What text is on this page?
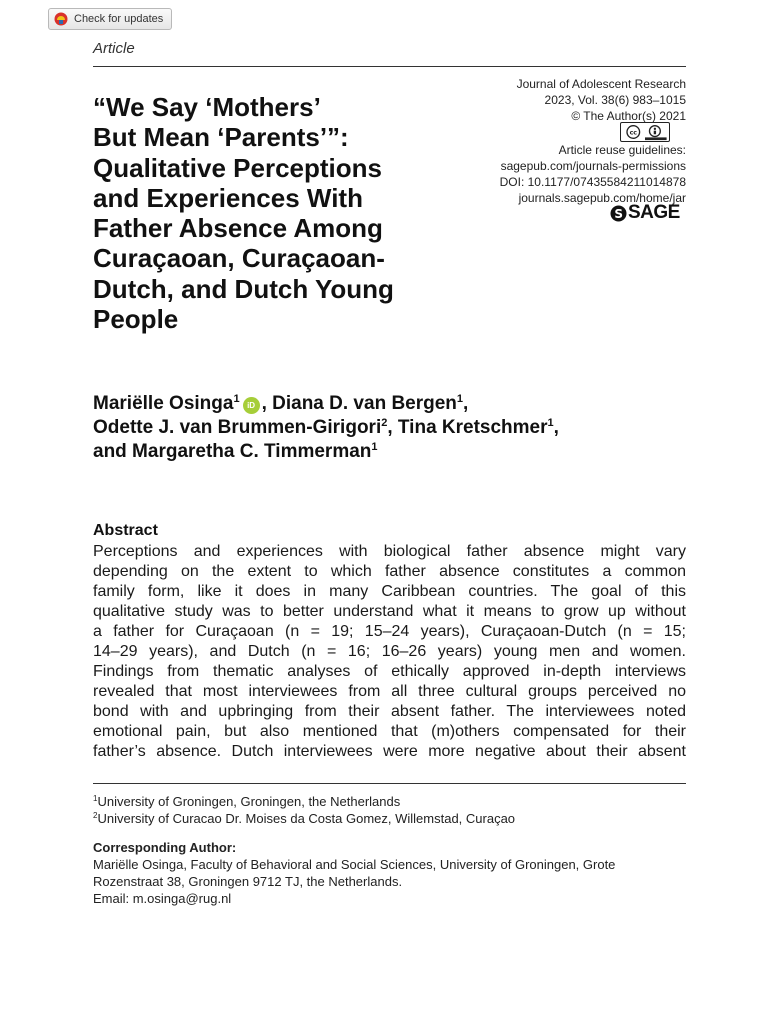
Check for updates
Article
Journal of Adolescent Research
2023, Vol. 38(6) 983–1015
© The Author(s) 2021
cc
Article reuse guidelines:
sagepub.com/journals-permissions
DOI: 10.1177/07435584211014878
journals.sagepub.com/home/jar
S SAGE
“We Say ‘Mothers’
But Mean ‘Parents’”:
Qualitative Perceptions
and Experiences With
Father Absence Among
Curaçaoan, Curaçaoan-
Dutch, and Dutch Young
People
Mariëlle Osinga$^1$iD , Diana D. van Bergen$^1$,
Odette J. van Brummen-Girigori$^2$, Tina Kretschmer$^1$,
and Margaretha C. Timmerman$^1$
Abstract
Perceptions and experiences with biological father absence might vary
depending on the extent to which father absence constitutes a common
family form, like it does in many Caribbean countries. The goal of this
qualitative study was to better understand what it means to grow up without
a father for Curaçaoan (n = 19; 15–24 years), Curaçaoan-Dutch (n = 15;
14–29 years), and Dutch (n = 16; 16–26 years) young men and women.
Findings from thematic analyses of ethically approved in-depth interviews
revealed that most interviewees from all three cultural groups perceived no
bond with and upbringing from their absent father. The interviewees noted
emotional pain, but also mentioned that (m)others compensated for their
father’s absence. Dutch interviewees were more negative about their absent
$^1$University of Groningen, Groningen, the Netherlands
$^2$University of Curacao Dr. Moises da Costa Gomez, Willemstad, Curaçao
Corresponding Author:
Mariëlle Osinga, Faculty of Behavioral and Social Sciences, University of Groningen, Grote
Rozenstraat 38, Groningen 9712 TJ, the Netherlands.
Email: m.osinga@rug.nl
